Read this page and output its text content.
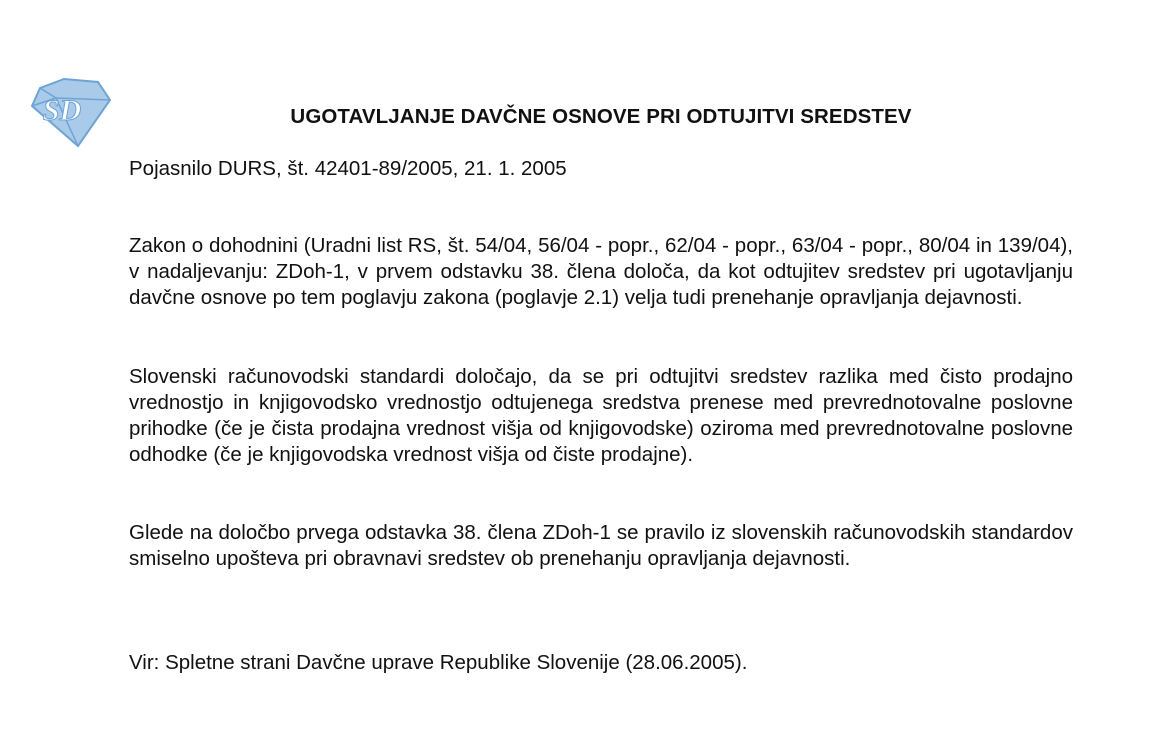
SD	UGOTAVLJANJE DAVČNE OSNOVE PRI ODTUJITVI SREDSTEV
Pojasnilo DURS, št. 42401-89/2005, 21. 1. 2005

Zakon o dohodnini (Uradni list RS, št. 54/04, 56/04 - popr., 62/04 - popr., 63/04 - popr., 80/04 in 139/04), v nadaljevanju: ZDoh-1, v prvem odstavku 38. člena določa, da kot odtujitev sredstev pri ugotavljanju davčne osnove po tem poglavju zakona (poglavje 2.1) velja tudi prenehanje opravljanja dejavnosti.

Slovenski računovodski standardi določajo, da se pri odtujitvi sredstev razlika med čisto prodajno vrednostjo in knjigovodsko vrednostjo odtujenega sredstva prenese med prevrednotovalne poslovne prihodke (če je čista prodajna vrednost višja od knjigovodske) oziroma med prevrednotovalne poslovne odhodke (če je knjigovodska vrednost višja od čiste prodajne).

Glede na določbo prvega odstavka 38. člena ZDoh-1 se pravilo iz slovenskih računovodskih standardov smiselno upošteva pri obravnavi sredstev ob prenehanju opravljanja dejavnosti.

Vir: Spletne strani Davčne uprave Republike Slovenije (28.06.2005).
